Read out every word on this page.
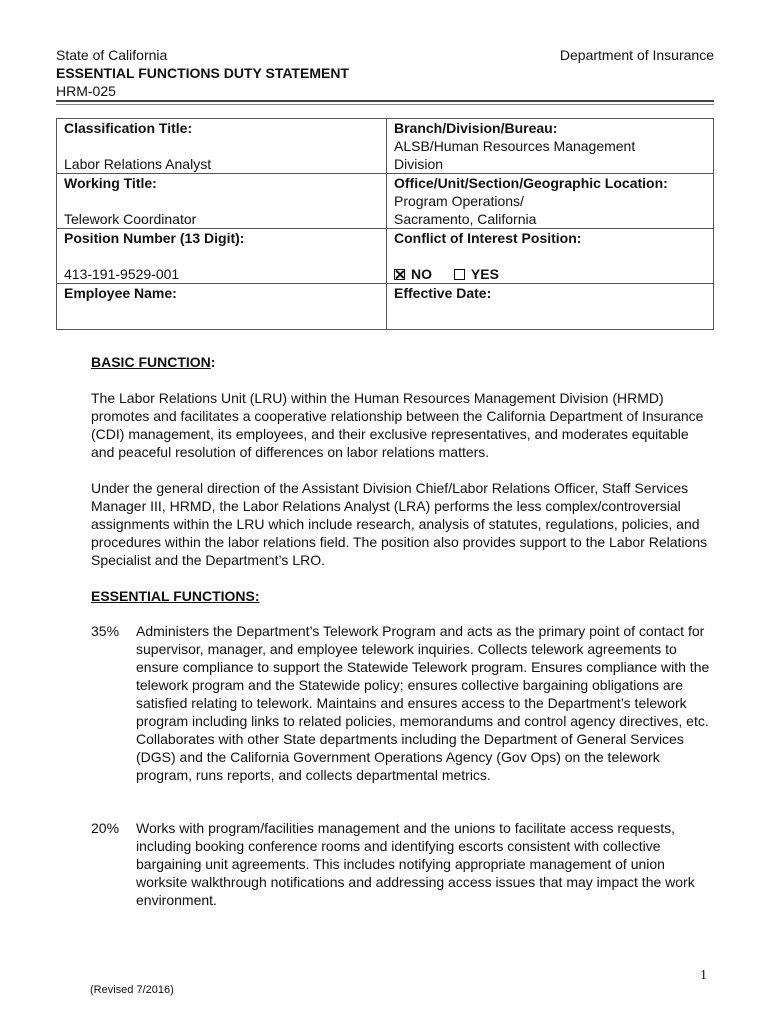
State of California
ESSENTIAL FUNCTIONS DUTY STATEMENT
HRM-025
Department of Insurance
Classification Title:
Labor Relations Analyst	Branch/Division/Bureau:
ALSB/Human Resources Management
Division

Working Title:
Telework Coordinator	Office/Unit/Section/Geographic Location:
Program Operations/
Sacramento, California

Position Number (13 Digit):
413-191-9529-001	Conflict of Interest Position:
NO YES

Employee Name:	Effective Date:
BASIC FUNCTION:

The Labor Relations Unit (LRU) within the Human Resources Management Division (HRMD) promotes and facilitates a cooperative relationship between the California Department of Insurance (CDI) management, its employees, and their exclusive representatives, and moderates equitable and peaceful resolution of differences on labor relations matters.

Under the general direction of the Assistant Division Chief/Labor Relations Officer, Staff Services Manager III, HRMD, the Labor Relations Analyst (LRA) performs the less complex/controversial assignments within the LRU which include research, analysis of statutes, regulations, policies, and procedures within the labor relations field. The position also provides support to the Labor Relations Specialist and the Department’s LRO.

ESSENTIAL FUNCTIONS:
35% Administers the Department’s Telework Program and acts as the primary point of contact for supervisor, manager, and employee telework inquiries. Collects telework agreements to ensure compliance to support the Statewide Telework program. Ensures compliance with the telework program and the Statewide policy; ensures collective bargaining obligations are satisfied relating to telework. Maintains and ensures access to the Department’s telework program including links to related policies, memorandums and control agency directives, etc. Collaborates with other State departments including the Department of General Services (DGS) and the California Government Operations Agency (Gov Ops) on the telework program, runs reports, and collects departmental metrics.
20% Works with program/facilities management and the unions to facilitate access requests, including booking conference rooms and identifying escorts consistent with collective bargaining unit agreements. This includes notifying appropriate management of union worksite walkthrough notifications and addressing access issues that may impact the work environment.
1
(Revised 7/2016)
